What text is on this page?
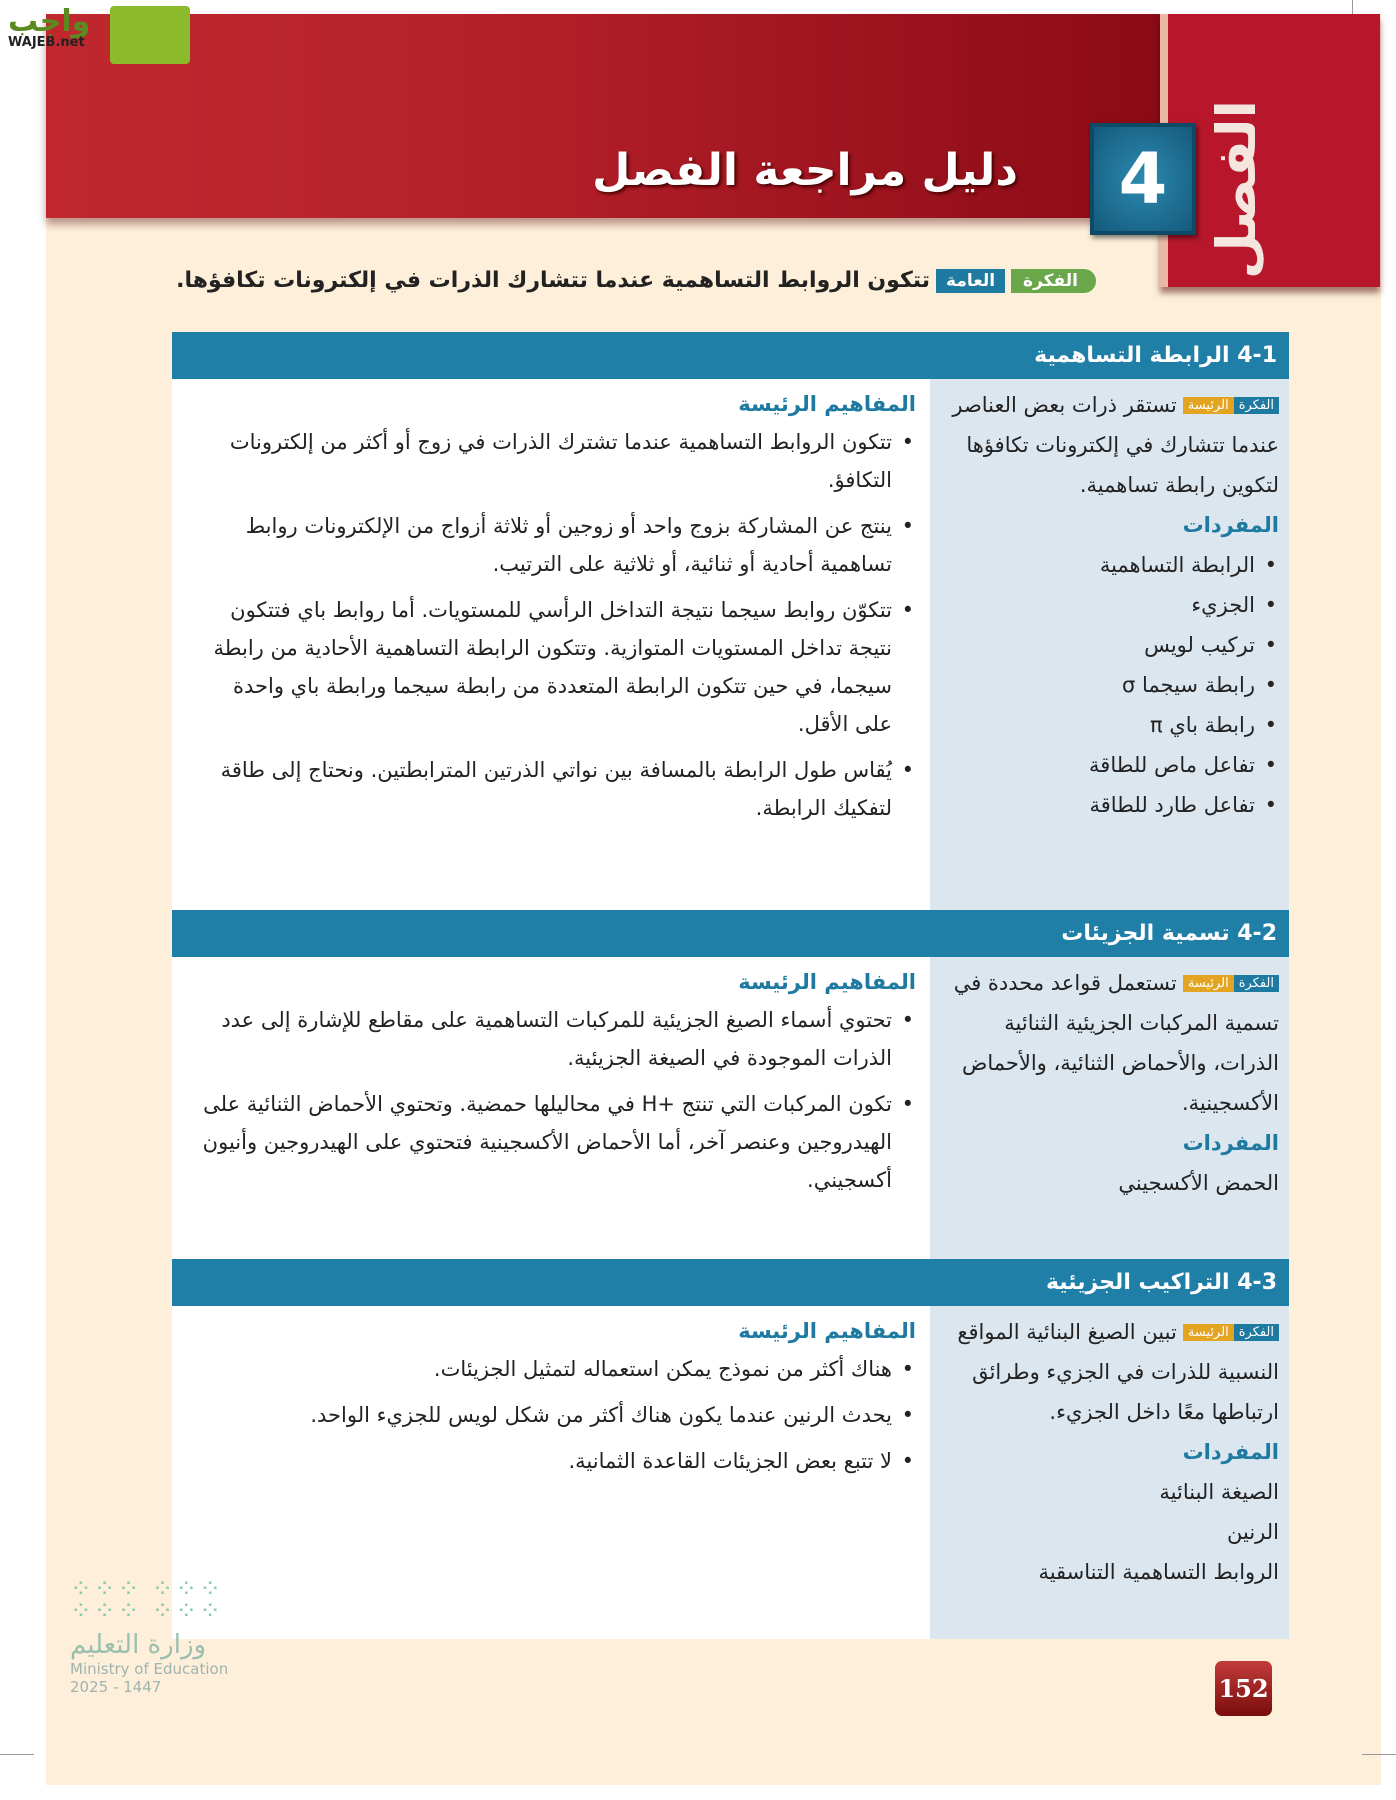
الفصل
4
دليل مراجعة الفصل
واجب
WAJEB.net
الفكرة
العامة
تتكون الروابط التساهمية عندما تتشارك الذرات في إلكترونات تكافؤها.
4-1 الرابطة التساهمية
الفكرةالرئيسةتستقر ذرات بعض العناصر عندما تتشارك في إلكترونات تكافؤها لتكوين رابطة تساهمية.
المفردات
• الرابطة التساهمية
• الجزيء
• تركيب لويس
• رابطة سيجما σ
• رابطة باي π
• تفاعل ماص للطاقة
• تفاعل طارد للطاقة
المفاهيم الرئيسة
• تتكون الروابط التساهمية عندما تشترك الذرات في زوج أو أكثر من إلكترونات التكافؤ.
• ينتج عن المشاركة بزوج واحد أو زوجين أو ثلاثة أزواج من الإلكترونات روابط تساهمية أحادية أو ثنائية، أو ثلاثية على الترتيب.
• تتكوّن روابط سيجما نتيجة التداخل الرأسي للمستويات. أما روابط باي فتتكون نتيجة تداخل المستويات المتوازية. وتتكون الرابطة التساهمية الأحادية من رابطة سيجما، في حين تتكون الرابطة المتعددة من رابطة سيجما ورابطة باي واحدة على الأقل.
• يُقاس طول الرابطة بالمسافة بين نواتي الذرتين المترابطتين. ونحتاج إلى طاقة لتفكيك الرابطة.
4-2 تسمية الجزيئات
الفكرةالرئيسةتستعمل قواعد محددة في تسمية المركبات الجزيئية الثنائية الذرات، والأحماض الثنائية، والأحماض الأكسجينية.
المفردات
الحمض الأكسجيني
المفاهيم الرئيسة
• تحتوي أسماء الصيغ الجزيئية للمركبات التساهمية على مقاطع للإشارة إلى عدد الذرات الموجودة في الصيغة الجزيئية.
• تكون المركبات التي تنتج +H في محاليلها حمضية. وتحتوي الأحماض الثنائية على الهيدروجين وعنصر آخر، أما الأحماض الأكسجينية فتحتوي على الهيدروجين وأنيون أكسجيني.
4-3 التراكيب الجزيئية
الفكرةالرئيسةتبين الصيغ البنائية المواقع النسبية للذرات في الجزيء وطرائق ارتباطها معًا داخل الجزيء.
المفردات
الصيغة البنائية
الرنين
الروابط التساهمية التناسقية
المفاهيم الرئيسة
• هناك أكثر من نموذج يمكن استعماله لتمثيل الجزيئات.
• يحدث الرنين عندما يكون هناك أكثر من شكل لويس للجزيء الواحد.
• لا تتبع بعض الجزيئات القاعدة الثمانية.
152
⁘⁘⁘ ⁘⁘⁘
⁘⁘⁘ ⁘⁘⁘
وزارة التعليم
Ministry of Education
2025 - 1447
